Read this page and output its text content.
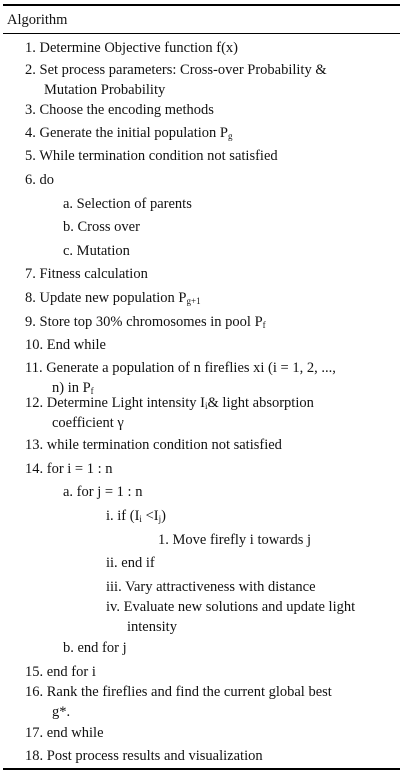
Algorithm
1. Determine Objective function f(x)
2. Set process parameters: Cross-over Probability &
Mutation Probability
3. Choose the encoding methods
4. Generate the initial population $P_g$
5. While termination condition not satisfied
6. do
a. Selection of parents
b. Cross over
c. Mutation
7. Fitness calculation
8. Update new population $P_{g+1}$
9. Store top 30% chromosomes in pool $P_f$
10. End while
11. Generate a population of n fireflies xi (i = 1, 2, ...,
n) in $P_f$
12. Determine Light intensity $I_i\&$ light absorption
coefficient γ
13. while termination condition not satisfied
14. for i = 1 : n
a. for j = 1 : n
i. if $(I_i <I_j)$
1. Move firefly i towards j
ii. end if
iii. Vary attractiveness with distance
iv. Evaluate new solutions and update light
intensity
b. end for j
15. end for i
16. Rank the fireflies and find the current global best
g*.
17. end while
18. Post process results and visualization
